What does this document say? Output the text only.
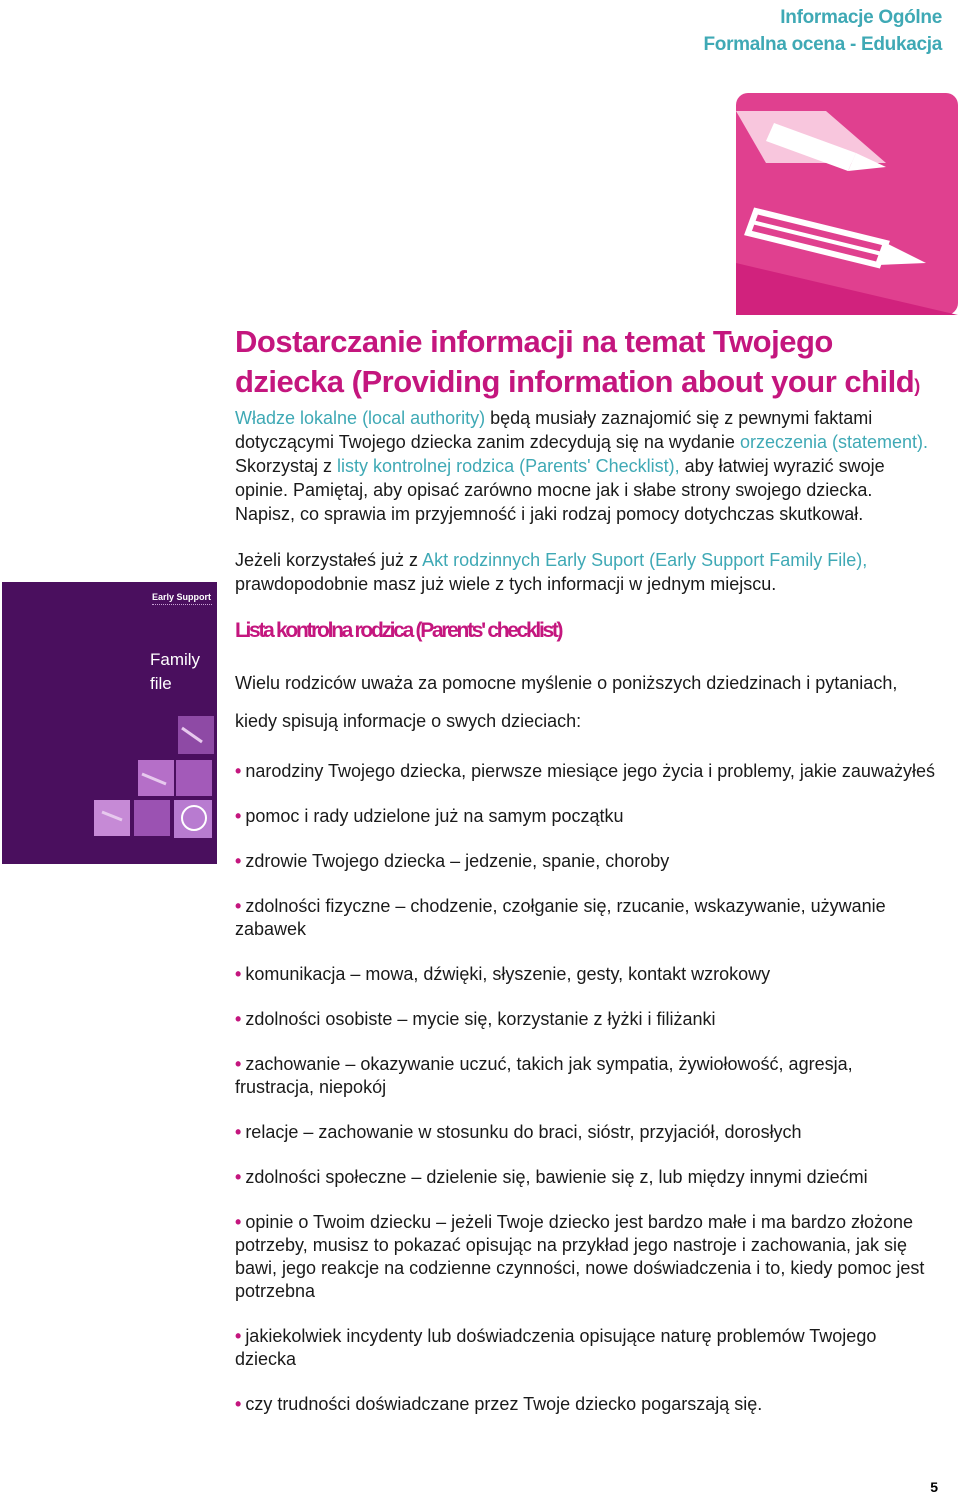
Informacje Ogólne
Formalna ocena - Edukacja
Dostarczanie informacji na temat Twojego dziecka (Providing information about your child)

Władze lokalne (local authority) będą musiały zaznajomić się z pewnymi faktami dotyczącymi Twojego dziecka zanim zdecydują się na wydanie orzeczenia (statement). Skorzystaj z listy kontrolnej rodzica (Parents' Checklist), aby łatwiej wyrazić swoje opinie. Pamiętaj, aby opisać zarówno mocne jak i słabe strony swojego dziecka. Napisz, co sprawia im przyjemność i jaki rodzaj pomocy dotychczas skutkował.

Jeżeli korzystałeś już z Akt rodzinnych Early Suport (Early Support Family File), prawdopodobnie masz już wiele z tych informacji w jednym miejscu.

Lista kontrolna rodzica (Parents' checklist)

Wielu rodziców uważa za pomocne myślenie o poniższych dziedzinach i pytaniach, kiedy spisują informacje o swych dzieciach:

• narodziny Twojego dziecka, pierwsze miesiące jego życia i problemy, jakie zauważyłeś
• pomoc i rady udzielone już na samym początku
• zdrowie Twojego dziecka – jedzenie, spanie, choroby
• zdolności fizyczne – chodzenie, czołganie się, rzucanie, wskazywanie, używanie zabawek
• komunikacja – mowa, dźwięki, słyszenie, gesty, kontakt wzrokowy
• zdolności osobiste – mycie się, korzystanie z łyżki i filiżanki
• zachowanie – okazywanie uczuć, takich jak sympatia, żywiołowość, agresja, frustracja, niepokój
• relacje – zachowanie w stosunku do braci, sióstr, przyjaciół, dorosłych
• zdolności społeczne – dzielenie się, bawienie się z, lub między innymi dziećmi
• opinie o Twoim dziecku – jeżeli Twoje dziecko jest bardzo małe i ma bardzo złożone potrzeby, musisz to pokazać opisując na przykład jego nastroje i zachowania, jak się bawi, jego reakcje na codzienne czynności, nowe doświadczenia i to, kiedy pomoc jest potrzebna
• jakiekolwiek incydenty lub doświadczenia opisujące naturę problemów Twojego dziecka
• czy trudności doświadczane przez Twoje dziecko pogarszają się.
Early Support
Family file
5
